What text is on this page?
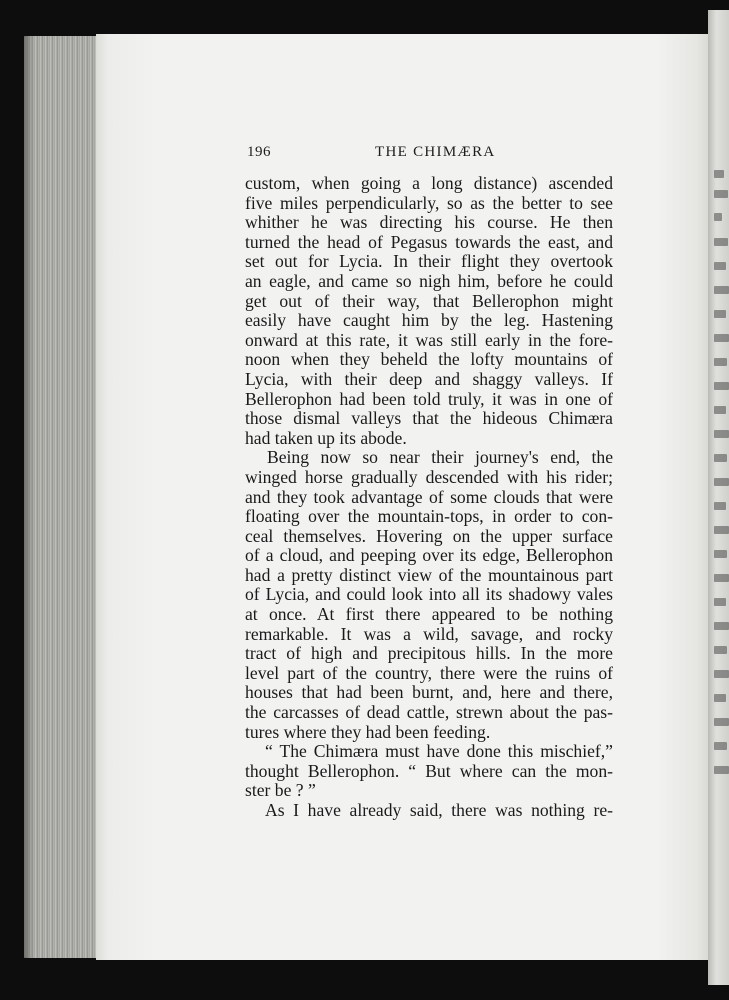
196	THE CHIMÆRA
custom, when going a long distance) ascended
five miles perpendicularly, so as the better to see
whither he was directing his course. He then
turned the head of Pegasus towards the east, and
set out for Lycia. In their flight they overtook
an eagle, and came so nigh him, before he could
get out of their way, that Bellerophon might
easily have caught him by the leg. Hastening
onward at this rate, it was still early in the fore-
noon when they beheld the lofty mountains of
Lycia, with their deep and shaggy valleys. If
Bellerophon had been told truly, it was in one of
those dismal valleys that the hideous Chimæra
had taken up its abode.
Being now so near their journey's end, the
winged horse gradually descended with his rider;
and they took advantage of some clouds that were
floating over the mountain-tops, in order to con-
ceal themselves. Hovering on the upper surface
of a cloud, and peeping over its edge, Bellerophon
had a pretty distinct view of the mountainous part
of Lycia, and could look into all its shadowy vales
at once. At first there appeared to be nothing
remarkable. It was a wild, savage, and rocky
tract of high and precipitous hills. In the more
level part of the country, there were the ruins of
houses that had been burnt, and, here and there,
the carcasses of dead cattle, strewn about the pas-
tures where they had been feeding.
“ The Chimæra must have done this mischief,”
thought Bellerophon. “ But where can the mon-
ster be ? ”
As I have already said, there was nothing re-
